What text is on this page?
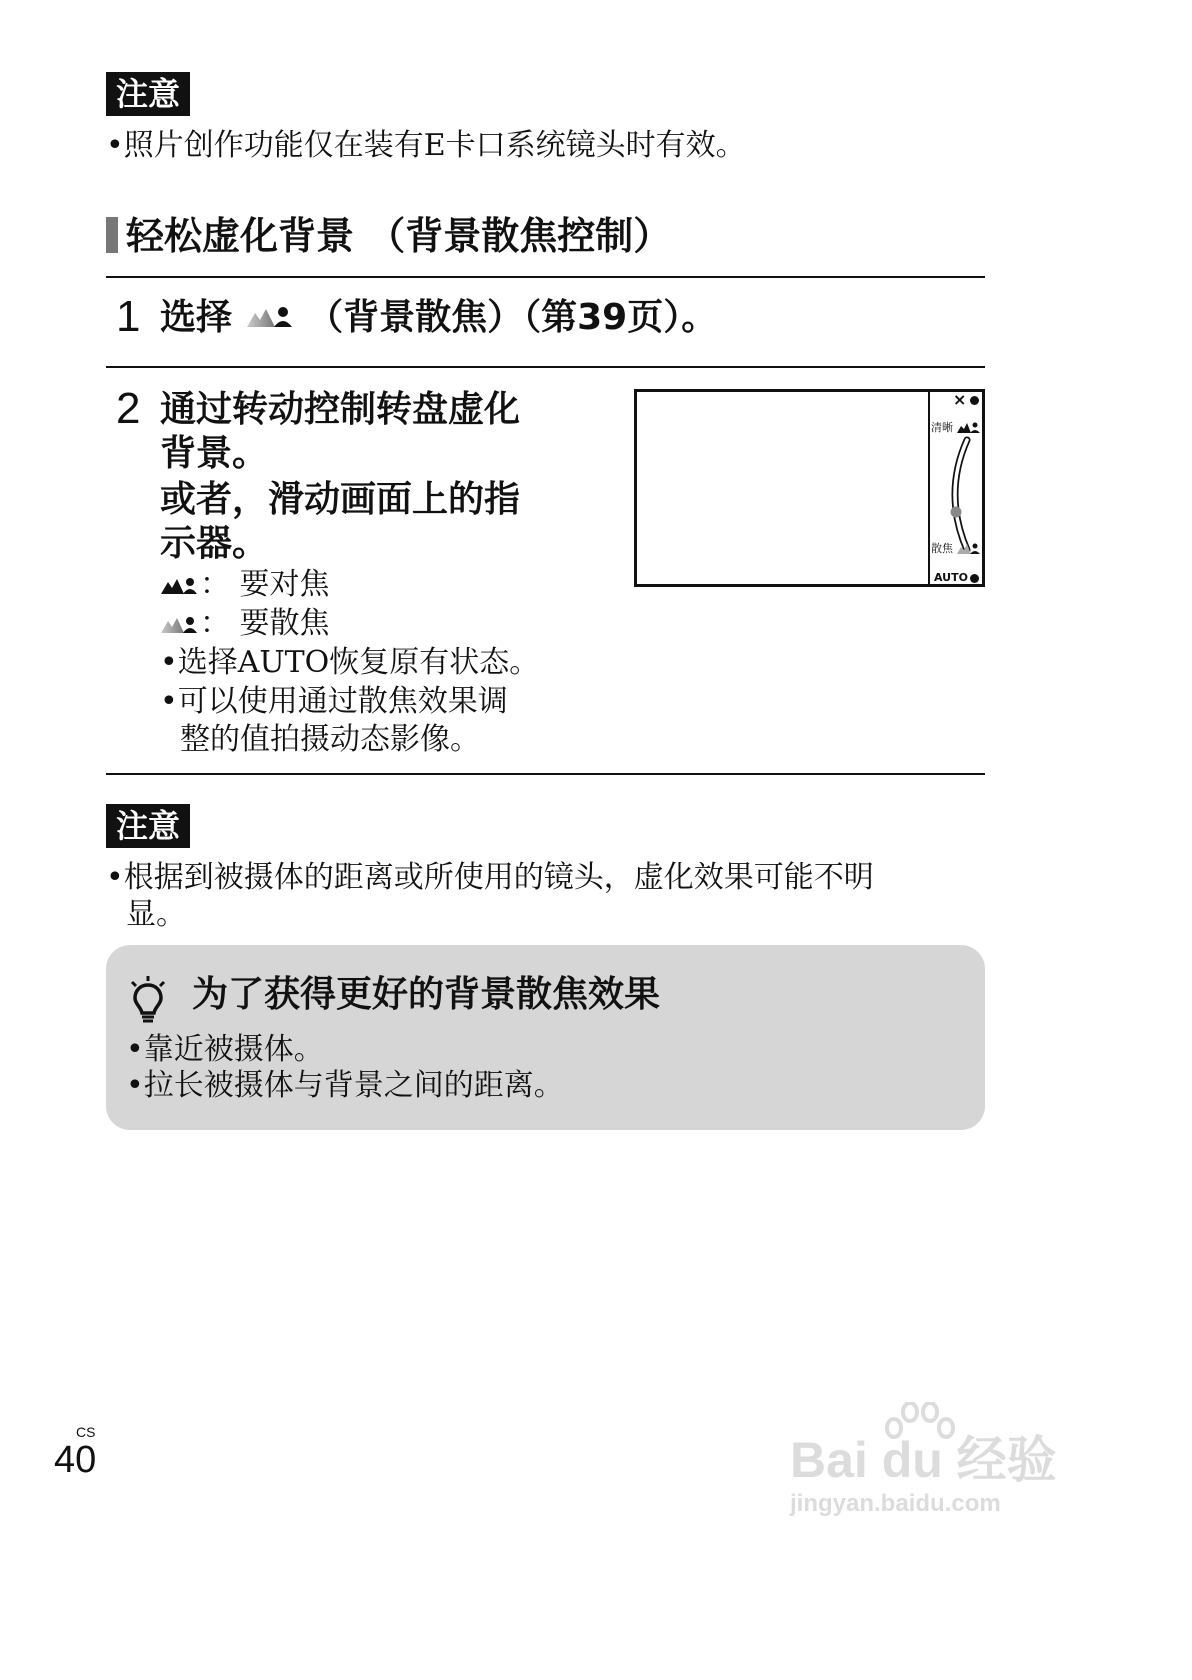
注意
•照片创作功能仅在装有E卡口系统镜头时有效。
轻松虚化背景 （背景散焦控制）
1 选择 （背景散焦）（第39页）。
2 通过转动控制转盘虚化
背景。
或者，滑动画面上的指
示器。
： 要对焦
： 要散焦
•选择AUTO恢复原有状态。
•可以使用通过散焦效果调
整的值拍摄动态影像。
×
清晰
散焦
AUTO
注意
•根据到被摄体的距离或所使用的镜头，虚化效果可能不明
显。
为了获得更好的背景散焦效果
•靠近被摄体。
•拉长被摄体与背景之间的距离。
CS
40	Bai du 经验
jingyan.baidu.com
